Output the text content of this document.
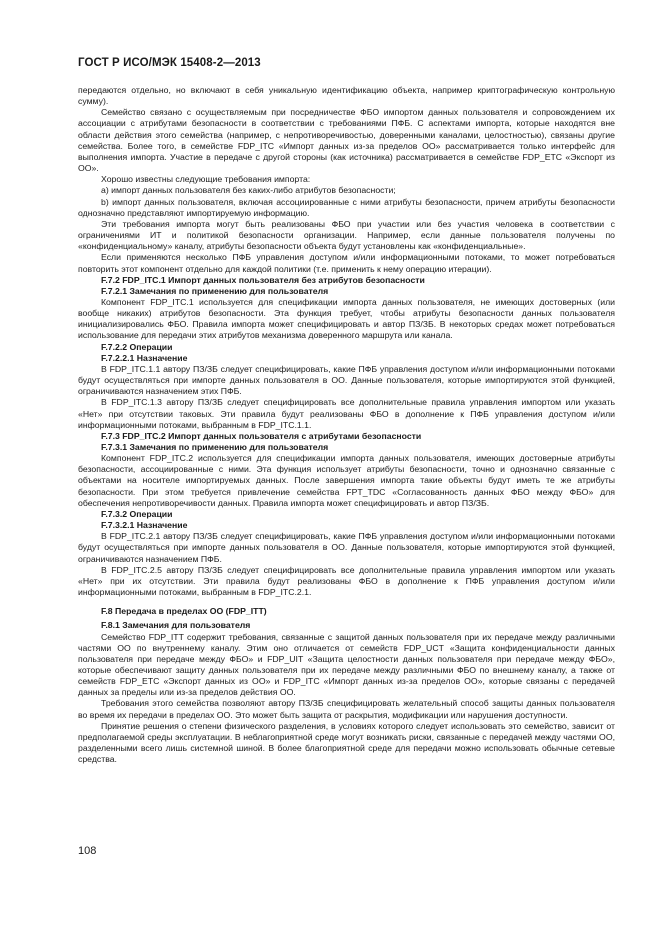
ГОСТ Р ИСО/МЭК 15408-2—2013

передаются отдельно, но включают в себя уникальную идентификацию объекта, например криптографическую контрольную сумму).

Семейство связано с осуществляемым при посредничестве ФБО импортом данных пользователя и сопровождением их ассоциации с атрибутами безопасности в соответствии с требованиями ПФБ. С аспектами импорта, которые находятся вне области действия этого семейства (например, с непротиворечивостью, доверенными каналами, целостностью), связаны другие семейства. Более того, в семействе FDP_ITC «Импорт данных из-за пределов ОО» рассматривается только интерфейс для выполнения импорта. Участие в передаче с другой стороны (как источника) рассматривается в семействе FDP_ETC «Экспорт из ОО».

Хорошо известны следующие требования импорта:

a) импорт данных пользователя без каких-либо атрибутов безопасности;

b) импорт данных пользователя, включая ассоциированные с ними атрибуты безопасности, причем атрибуты безопасности однозначно представляют импортируемую информацию.

Эти требования импорта могут быть реализованы ФБО при участии или без участия человека в соответствии с ограничениями ИТ и политикой безопасности организации. Например, если данные пользователя получены по «конфиденциальному» каналу, атрибуты безопасности объекта будут установлены как «конфиденциальные».

Если применяются несколько ПФБ управления доступом и/или информационными потоками, то может потребоваться повторить этот компонент отдельно для каждой политики (т.е. применить к нему операцию итерации).

F.7.2 FDP_ITC.1 Импорт данных пользователя без атрибутов безопасности

F.7.2.1 Замечания по применению для пользователя

Компонент FDP_ITC.1 используется для спецификации импорта данных пользователя, не имеющих достоверных (или вообще никаких) атрибутов безопасности. Эта функция требует, чтобы атрибуты безопасности данных пользователя инициализировались ФБО. Правила импорта может специфицировать и автор ПЗ/ЗБ. В некоторых средах может потребоваться использование для передачи этих атрибутов механизма доверенного маршрута или канала.

F.7.2.2 Операции

F.7.2.2.1 Назначение

В FDP_ITC.1.1 автору ПЗ/ЗБ следует специфицировать, какие ПФБ управления доступом и/или информационными потоками будут осуществляться при импорте данных пользователя в ОО. Данные пользователя, которые импортируются этой функцией, ограничиваются назначением этих ПФБ.

В FDP_ITC.1.3 автору ПЗ/ЗБ следует специфицировать все дополнительные правила управления импортом или указать «Нет» при отсутствии таковых. Эти правила будут реализованы ФБО в дополнение к ПФБ управления доступом и/или информационными потоками, выбранным в FDP_ITC.1.1.

F.7.3 FDP_ITC.2 Импорт данных пользователя с атрибутами безопасности

F.7.3.1 Замечания по применению для пользователя

Компонент FDP_ITC.2 используется для спецификации импорта данных пользователя, имеющих достоверные атрибуты безопасности, ассоциированные с ними. Эта функция использует атрибуты безопасности, точно и однозначно связанные с объектами на носителе импортируемых данных. После завершения импорта такие объекты будут иметь те же атрибуты безопасности. При этом требуется привлечение семейства FPT_TDC «Согласованность данных ФБО между ФБО» для обеспечения непротиворечивости данных. Правила импорта может специфицировать и автор ПЗ/ЗБ.

F.7.3.2 Операции

F.7.3.2.1 Назначение

В FDP_ITC.2.1 автору ПЗ/ЗБ следует специфицировать, какие ПФБ управления доступом и/или информационными потоками будут осуществляться при импорте данных пользователя в ОО. Данные пользователя, которые импортируются этой функцией, ограничиваются назначением ПФБ.

В FDP_ITC.2.5 автору ПЗ/ЗБ следует специфицировать все дополнительные правила управления импортом или указать «Нет» при их отсутствии. Эти правила будут реализованы ФБО в дополнение к ПФБ управления доступом и/или информационными потоками, выбранным в FDP_ITC.2.1.

F.8 Передача в пределах ОО (FDP_ITT)

F.8.1 Замечания для пользователя

Семейство FDP_ITT содержит требования, связанные с защитой данных пользователя при их передаче между различными частями ОО по внутреннему каналу. Этим оно отличается от семейств FDP_UCT «Защита конфиденциальности данных пользователя при передаче между ФБО» и FDP_UIT «Защита целостности данных пользователя при передаче между ФБО», которые обеспечивают защиту данных пользователя при их передаче между различными ФБО по внешнему каналу, а также от семейств FDP_ETC «Экспорт данных из ОО» и FDP_ITC «Импорт данных из-за пределов ОО», которые связаны с передачей данных за пределы или из-за пределов действия ОО.

Требования этого семейства позволяют автору ПЗ/ЗБ специфицировать желательный способ защиты данных пользователя во время их передачи в пределах ОО. Это может быть защита от раскрытия, модификации или нарушения доступности.

Принятие решения о степени физического разделения, в условиях которого следует использовать это семейство, зависит от предполагаемой среды эксплуатации. В неблагоприятной среде могут возникать риски, связанные с передачей между частями ОО, разделенными всего лишь системной шиной. В более благоприятной среде для передачи можно использовать обычные сетевые средства.

108
